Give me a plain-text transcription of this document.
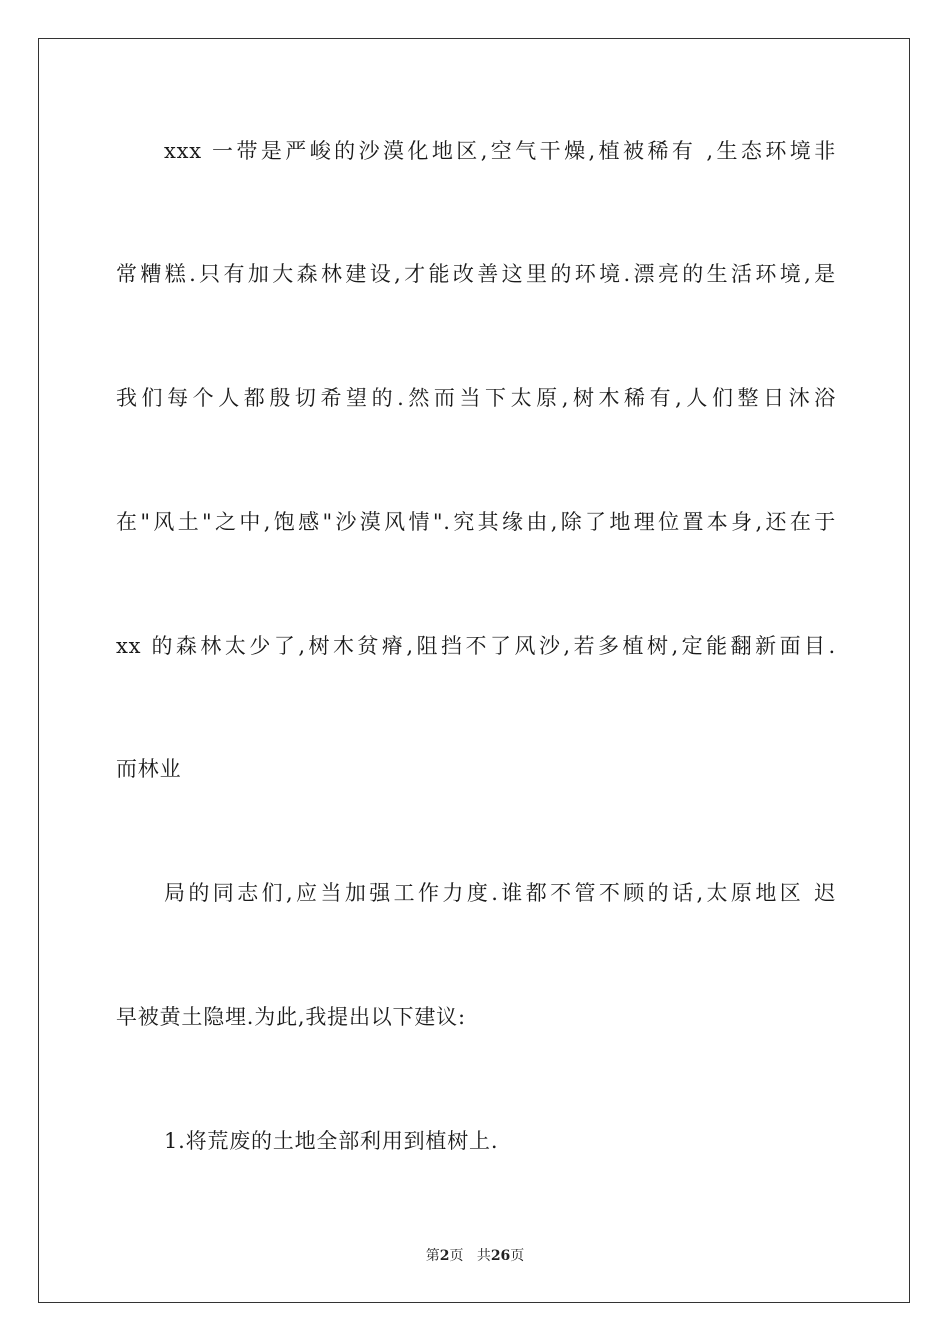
xxx 一带是严峻的沙漠化地区,空气干燥,植被稀有 ,生态环境非
常糟糕.只有加大森林建设,才能改善这里的环境.漂亮的生活环境,是
我们每个人都殷切希望的.然而当下太原,树木稀有,人们整日沐浴
在"风土"之中,饱感"沙漠风情".究其缘由,除了地理位置本身,还在于
xx 的森林太少了,树木贫瘠,阻挡不了风沙,若多植树,定能翻新面目.
而林业
局的同志们,应当加强工作力度.谁都不管不顾的话,太原地区 迟
早被黄土隐埋.为此,我提出以下建议:
1.将荒废的土地全部利用到植树上.
第2页 共26页
